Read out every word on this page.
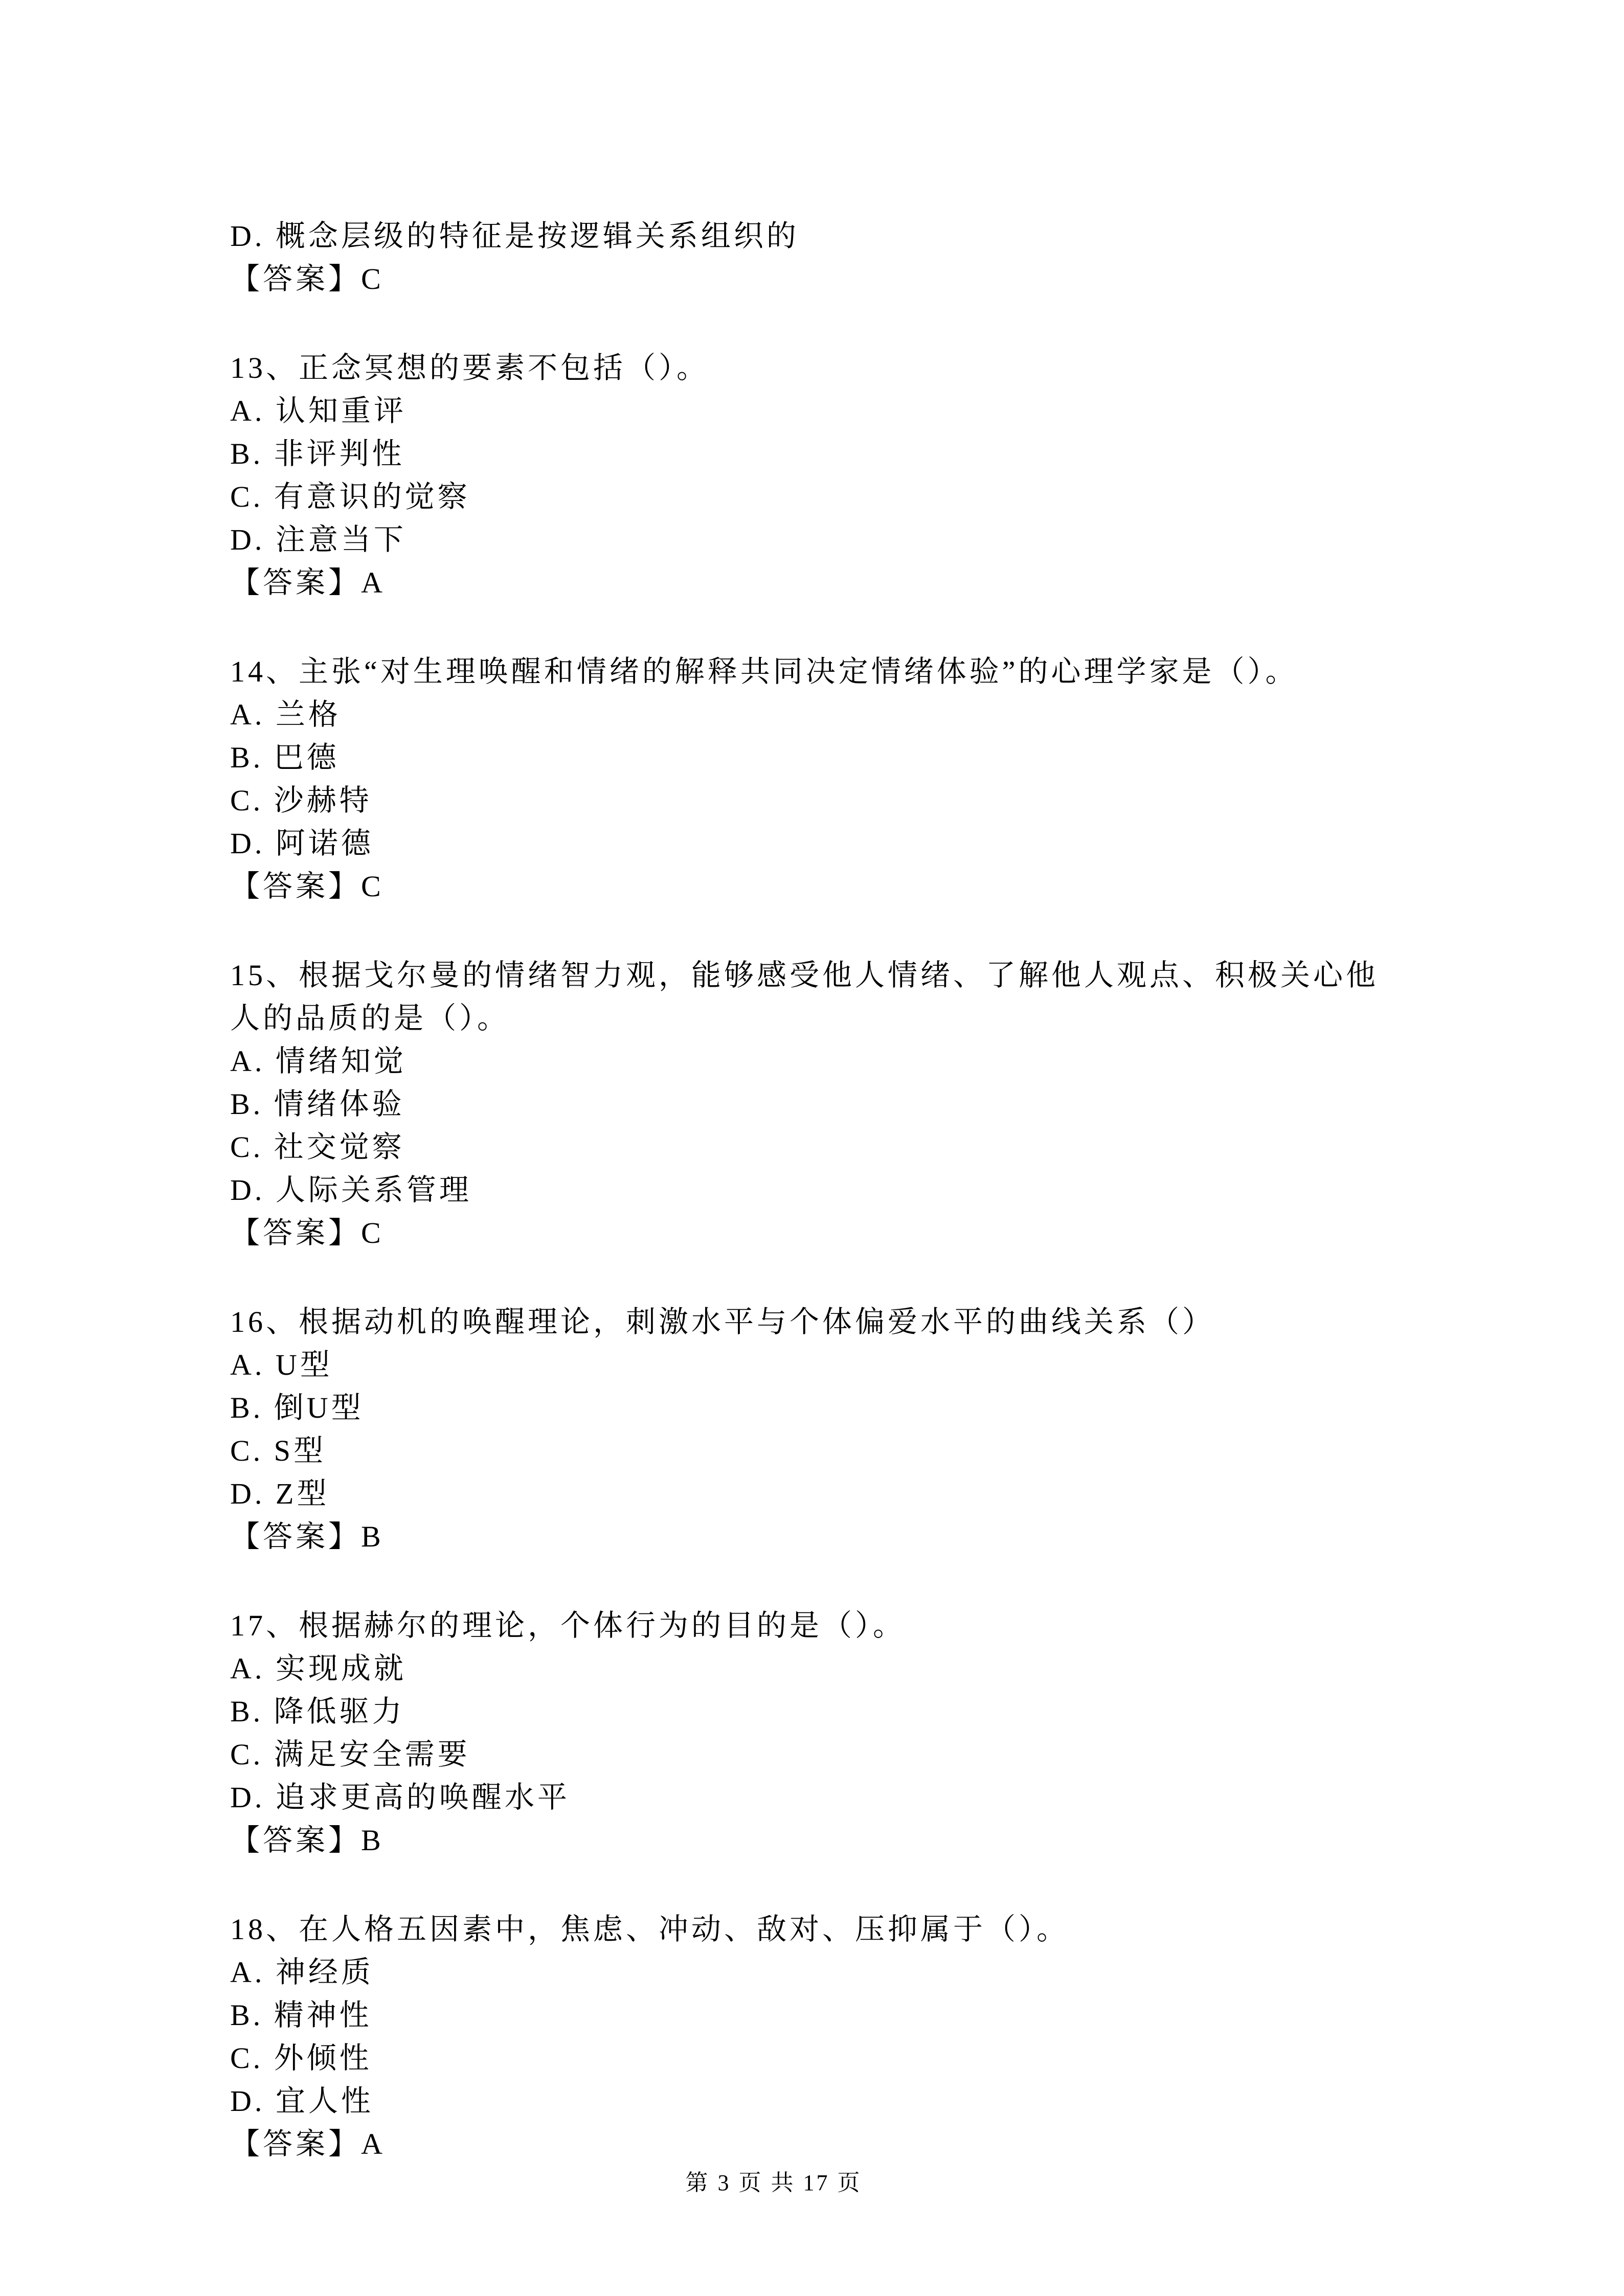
D. 概念层级的特征是按逻辑关系组织的
【答案】C
13、正念冥想的要素不包括（）。
A. 认知重评
B. 非评判性
C. 有意识的觉察
D. 注意当下
【答案】A
14、主张“对生理唤醒和情绪的解释共同决定情绪体验”的心理学家是（）。
A. 兰格
B. 巴德
C. 沙赫特
D. 阿诺德
【答案】C
15、根据戈尔曼的情绪智力观，能够感受他人情绪、了解他人观点、积极关心他人的品质的是（）。
A. 情绪知觉
B. 情绪体验
C. 社交觉察
D. 人际关系管理
【答案】C
16、根据动机的唤醒理论，刺激水平与个体偏爱水平的曲线关系（）
A. U型
B. 倒U型
C. S型
D. Z型
【答案】B
17、根据赫尔的理论，个体行为的目的是（）。
A. 实现成就
B. 降低驱力
C. 满足安全需要
D. 追求更高的唤醒水平
【答案】B
18、在人格五因素中，焦虑、冲动、敌对、压抑属于（）。
A. 神经质
B. 精神性
C. 外倾性
D. 宜人性
【答案】A
第 3 页 共 17 页
